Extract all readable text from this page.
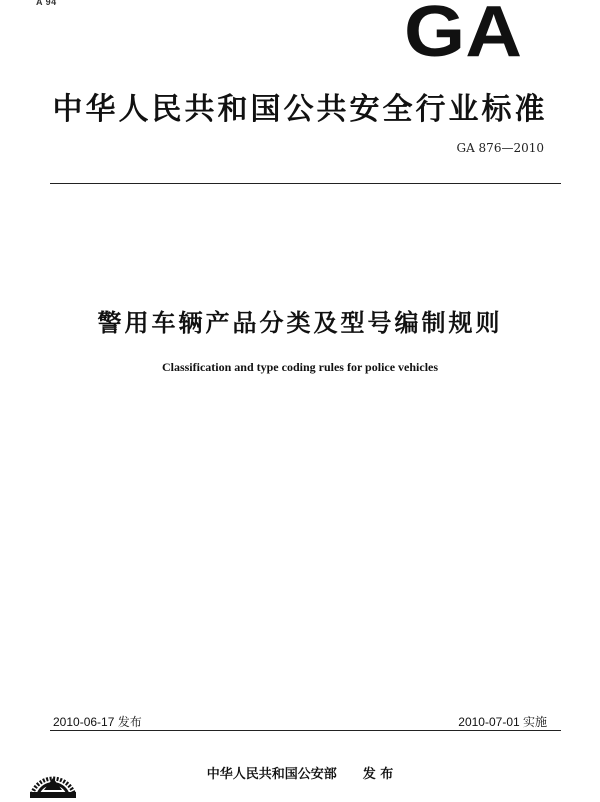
A 94	GA
中华人民共和国公共安全行业标准
GA 876—2010
警用车辆产品分类及型号编制规则
Classification and type coding rules for police vehicles
2010-06-17 发布	2010-07-01 实施
中华人民共和国公安部 发 布
